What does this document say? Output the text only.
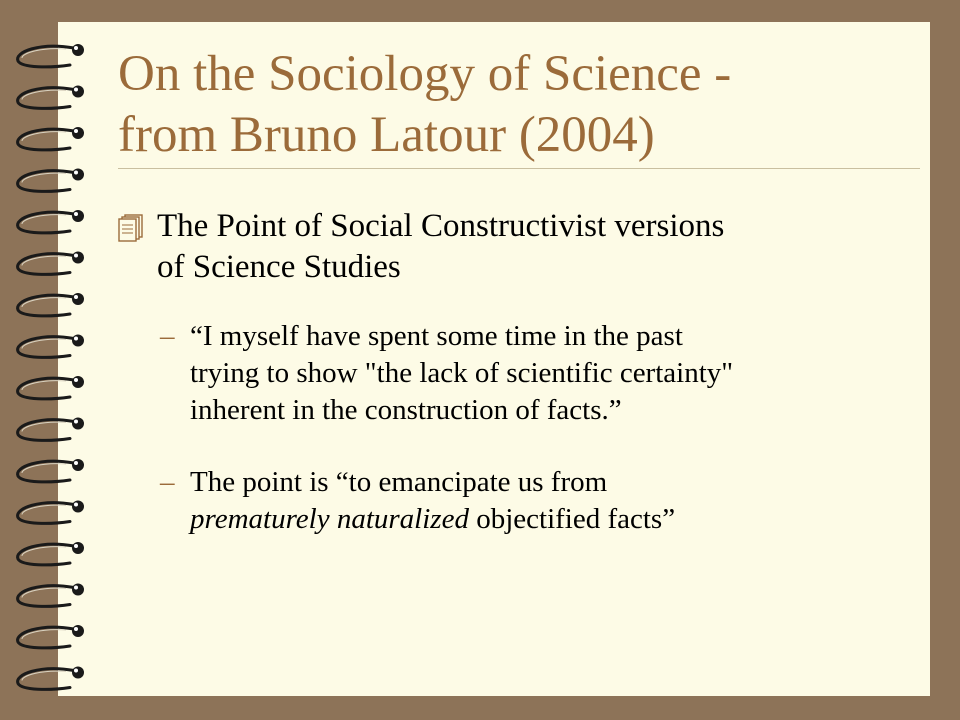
On the Sociology of Science -
from Bruno Latour (2004)
The Point of Social Constructivist versions
of Science Studies
– “I myself have spent some time in the past
trying to show "the lack of scientific certainty"
inherent in the construction of facts.”
– The point is “to emancipate us from
prematurely naturalized objectified facts”
